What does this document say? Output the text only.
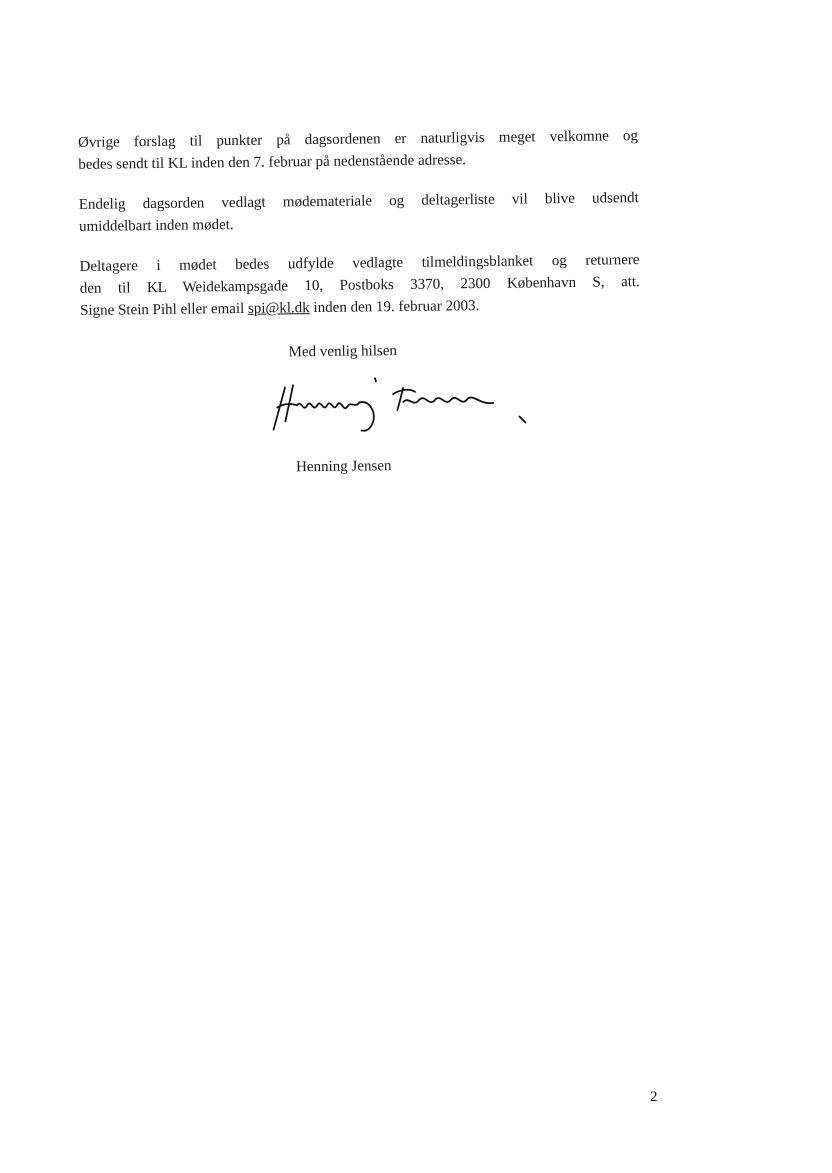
Øvrige forslag til punkter på dagsordenen er naturligvis meget velkomne og
bedes sendt til KL inden den 7. februar på nedenstående adresse.

Endelig dagsorden vedlagt mødemateriale og deltagerliste vil blive udsendt
umiddelbart inden mødet.

Deltagere i mødet bedes udfylde vedlagte tilmeldingsblanket og returnere
den til KL Weidekampsgade 10, Postboks 3370, 2300 København S, att.
Signe Stein Pihl eller email spi@kl.dk inden den 19. februar 2003.

Med venlig hilsen
Henning Jensen
2
